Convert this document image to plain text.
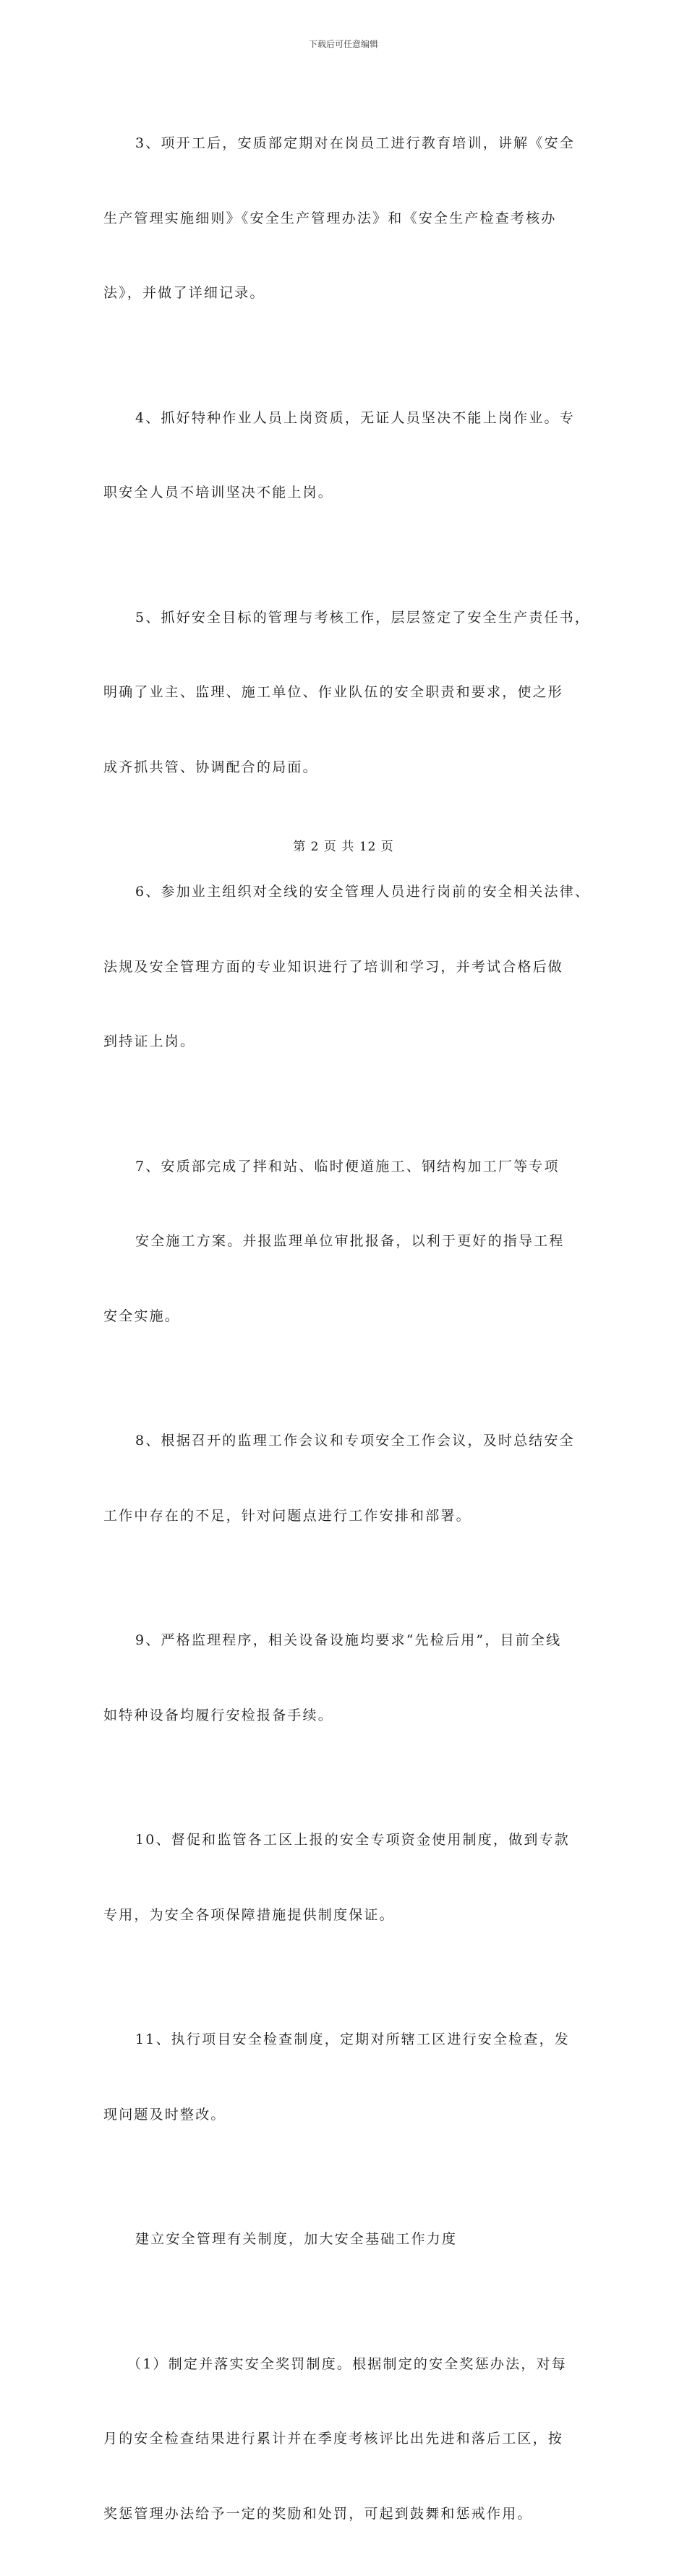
下载后可任意编辑

3、项开工后，安质部定期对在岗员工进行教育培训，讲解《安全

生产管理实施细则》《安全生产管理办法》和《安全生产检查考核办

法》，并做了详细记录。

4、抓好特种作业人员上岗资质，无证人员坚决不能上岗作业。专

职安全人员不培训坚决不能上岗。

5、抓好安全目标的管理与考核工作，层层签定了安全生产责任书，

明确了业主、监理、施工单位、作业队伍的安全职责和要求，使之形

成齐抓共管、协调配合的局面。

6、参加业主组织对全线的安全管理人员进行岗前的安全相关法律、

法规及安全管理方面的专业知识进行了培训和学习，并考试合格后做

到持证上岗。

7、安质部完成了拌和站、临时便道施工、钢结构加工厂等专项

安全施工方案。并报监理单位审批报备，以利于更好的指导工程

安全实施。

8、根据召开的监理工作会议和专项安全工作会议，及时总结安全

工作中存在的不足，针对问题点进行工作安排和部署。

9、严格监理程序，相关设备设施均要求“先检后用”，目前全线

如特种设备均履行安检报备手续。

10、督促和监管各工区上报的安全专项资金使用制度，做到专款

专用，为安全各项保障措施提供制度保证。

11、执行项目安全检查制度，定期对所辖工区进行安全检查，发

现问题及时整改。

建立安全管理有关制度，加大安全基础工作力度

（1）制定并落实安全奖罚制度。根据制定的安全奖惩办法，对每

月的安全检查结果进行累计并在季度考核评比出先进和落后工区，按

奖惩管理办法给予一定的奖励和处罚，可起到鼓舞和惩戒作用。

第 2 页 共 12 页
